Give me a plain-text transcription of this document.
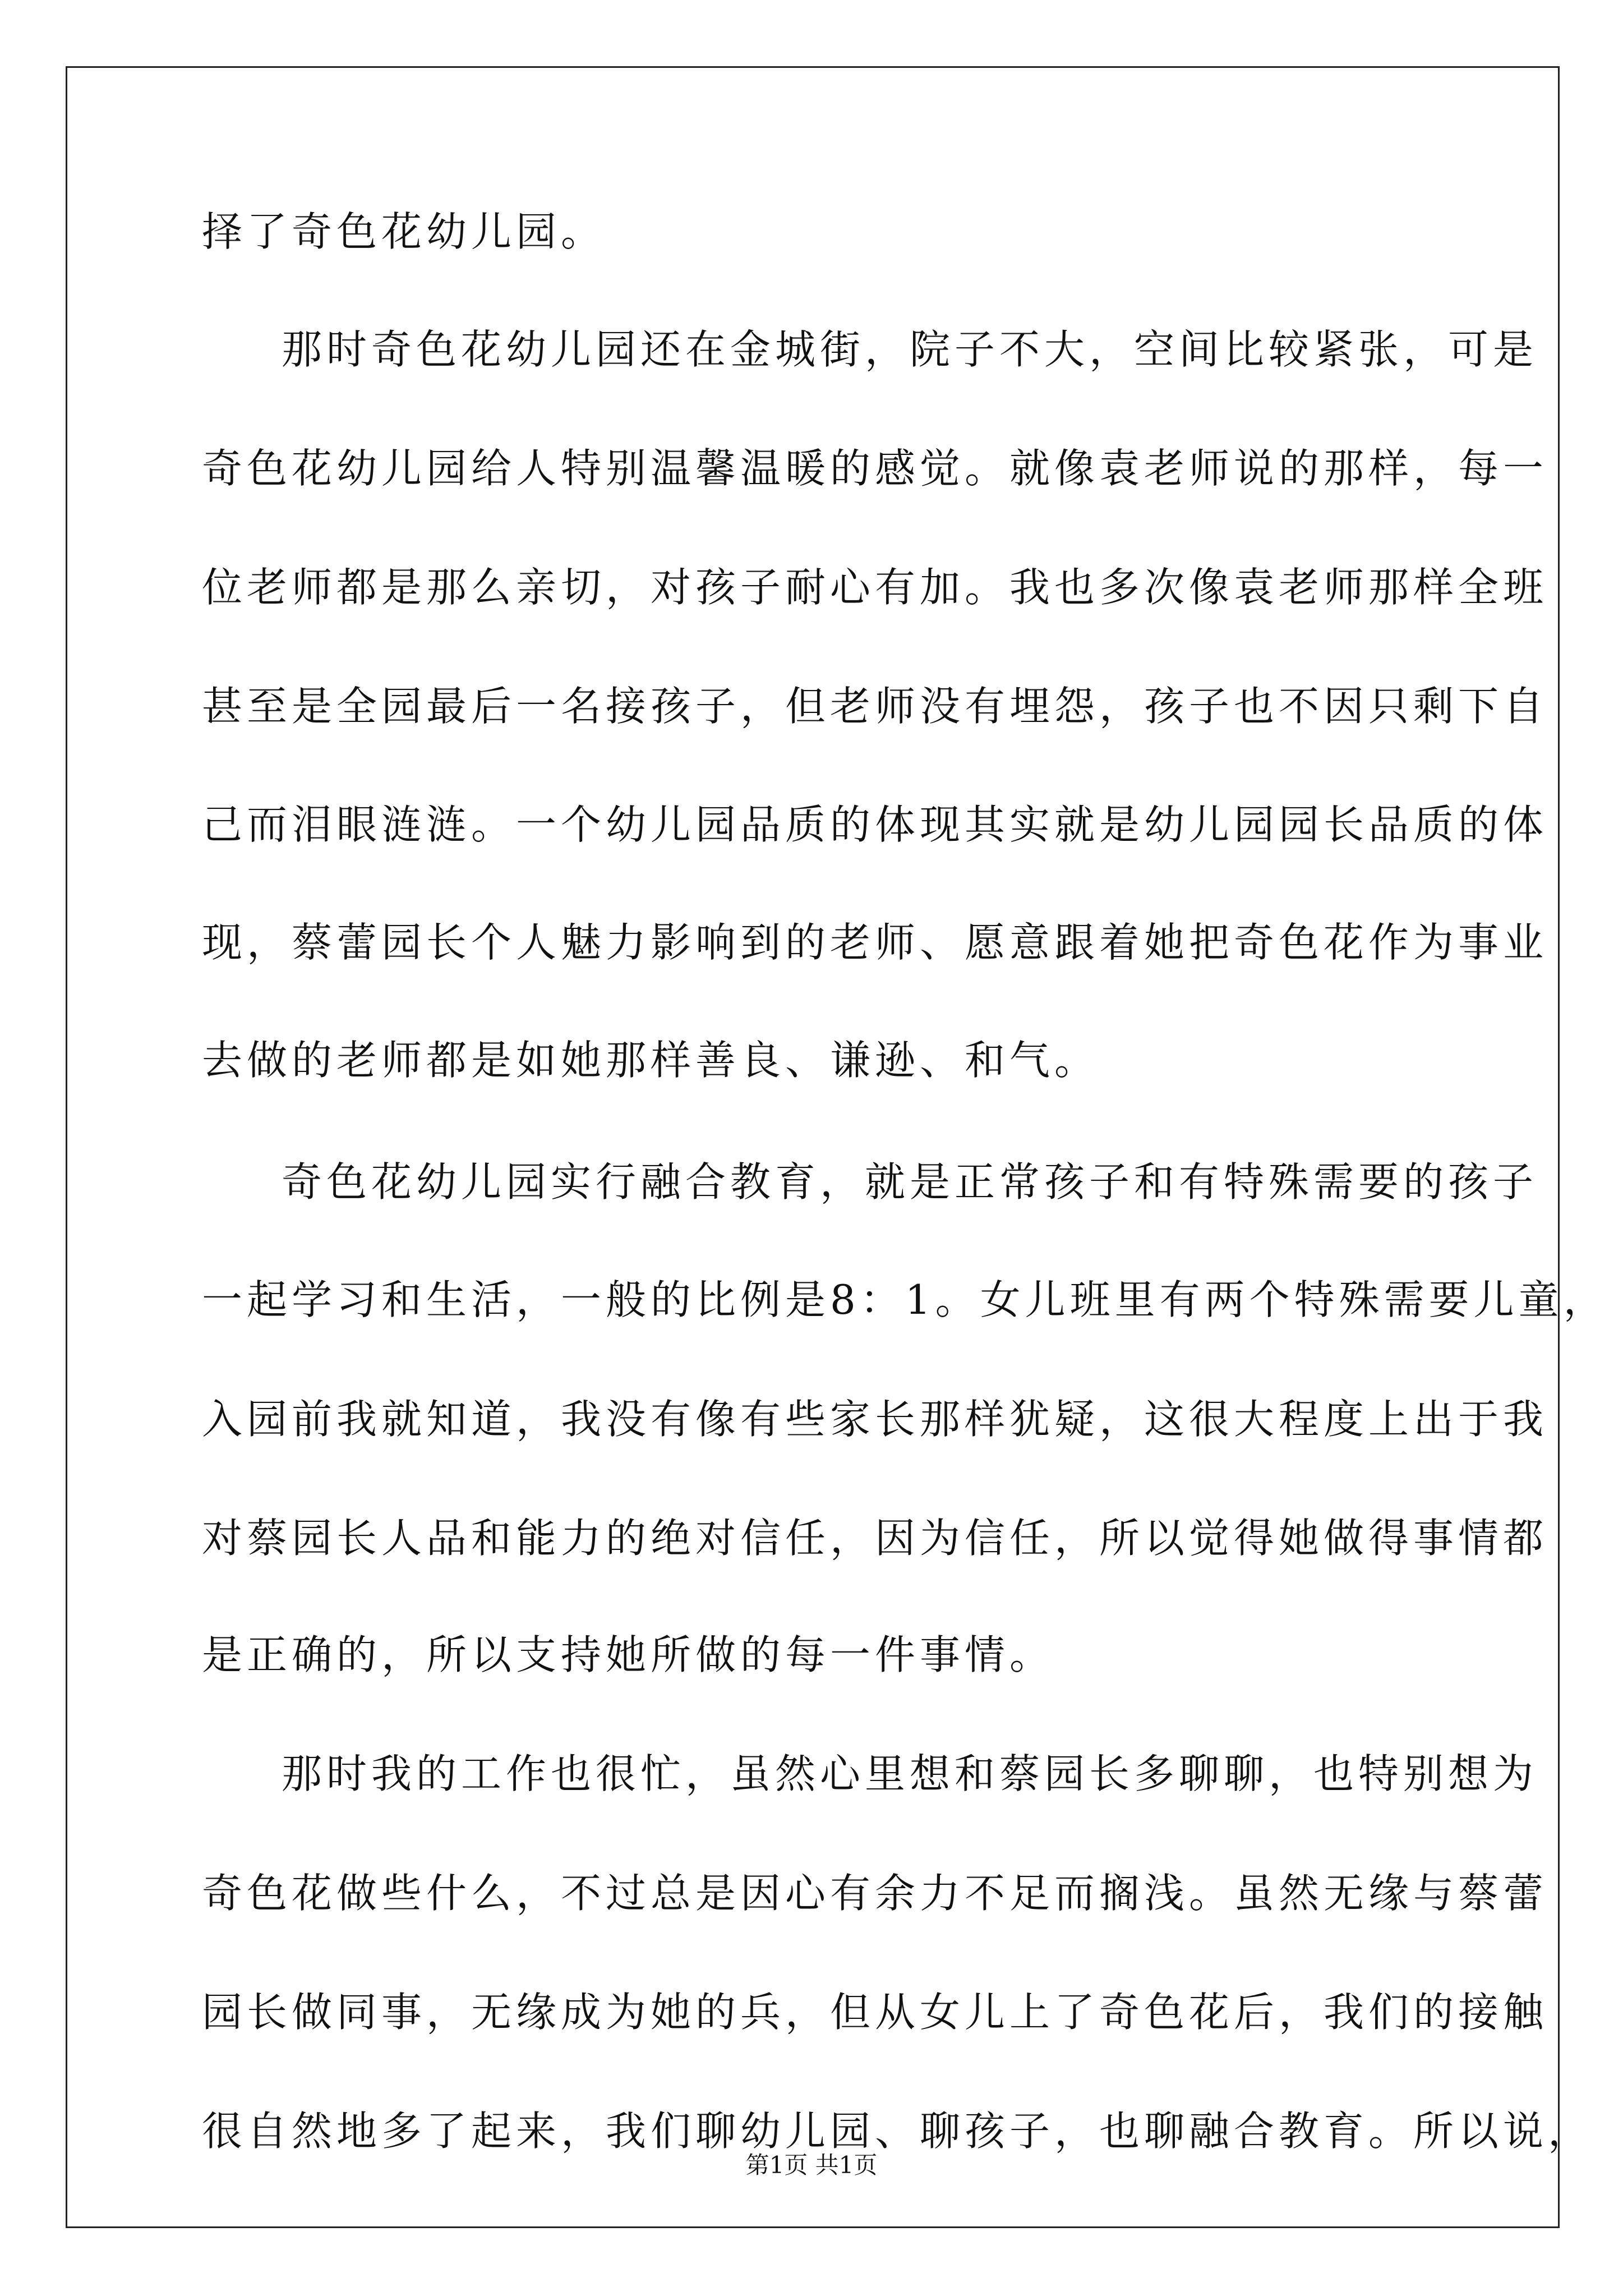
择了奇色花幼儿园。
那时奇色花幼儿园还在金城街，院子不大，空间比较紧张，可是
奇色花幼儿园给人特别温馨温暖的感觉。就像袁老师说的那样，每一
位老师都是那么亲切，对孩子耐心有加。我也多次像袁老师那样全班
甚至是全园最后一名接孩子，但老师没有埋怨，孩子也不因只剩下自
己而泪眼涟涟。一个幼儿园品质的体现其实就是幼儿园园长品质的体
现，蔡蕾园长个人魅力影响到的老师、愿意跟着她把奇色花作为事业
去做的老师都是如她那样善良、谦逊、和气。
奇色花幼儿园实行融合教育，就是正常孩子和有特殊需要的孩子
一起学习和生活，一般的比例是8：1。女儿班里有两个特殊需要儿童，
入园前我就知道，我没有像有些家长那样犹疑，这很大程度上出于我
对蔡园长人品和能力的绝对信任，因为信任，所以觉得她做得事情都
是正确的，所以支持她所做的每一件事情。
那时我的工作也很忙，虽然心里想和蔡园长多聊聊，也特别想为
奇色花做些什么，不过总是因心有余力不足而搁浅。虽然无缘与蔡蕾
园长做同事，无缘成为她的兵，但从女儿上了奇色花后，我们的接触
很自然地多了起来，我们聊幼儿园、聊孩子，也聊融合教育。所以说，
第1页 共1页
